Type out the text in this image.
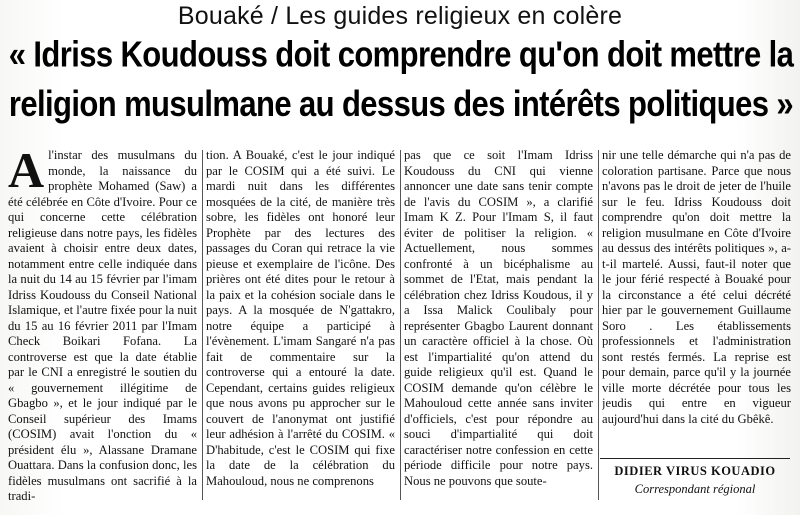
Bouaké / Les guides religieux en colère
« Idriss Koudouss doit comprendre qu'on doit mettre la
religion musulmane au dessus des intérêts politiques »

Al'instar des musulmans du monde, la naissance du prophète Mohamed (Saw) a été célébrée en Côte d'Ivoire. Pour ce qui concerne cette célébration religieuse dans notre pays, les fidèles avaient à choisir entre deux dates, notamment entre celle indiquée dans la nuit du 14 au 15 février par l'imam Idriss Koudouss du Conseil National Islamique, et l'autre fixée pour la nuit du 15 au 16 février 2011 par l'Imam Check Boikari Fofana. La controverse est que la date établie par le CNI a enregistré le soutien du « gouvernement illégitime de Gbagbo », et le jour indiqué par le Conseil supérieur des Imams (COSIM) avait l'onction du « président élu », Alassane Dramane Ouattara. Dans la confusion donc, les fidèles musulmans ont sacrifié à la tradi-

tion. A Bouaké, c'est le jour indiqué par le COSIM qui a été suivi. Le mardi nuit dans les différentes mosquées de la cité, de manière très sobre, les fidèles ont honoré leur Prophète par des lectures des passages du Coran qui retrace la vie pieuse et exemplaire de l'icône. Des prières ont été dites pour le retour à la paix et la cohésion sociale dans le pays. A la mosquée de N'gattakro, notre équipe a participé à l'évènement. L'imam Sangaré n'a pas fait de commentaire sur la controverse qui a entouré la date. Cependant, certains guides religieux que nous avons pu approcher sur le couvert de l'anonymat ont justifié leur adhésion à l'arrêté du COSIM. « D'habitude, c'est le COSIM qui fixe la date de la célébration du Mahouloud, nous ne comprenons

pas que ce soit l'Imam Idriss Koudouss du CNI qui vienne annoncer une date sans tenir compte de l'avis du COSIM », a clarifié Imam K Z. Pour l'Imam S, il faut éviter de politiser la religion. « Actuellement, nous sommes confronté à un bicéphalisme au sommet de l'Etat, mais pendant la célébration chez Idriss Koudous, il y a Issa Malick Coulibaly pour représenter Gbagbo Laurent donnant un caractère officiel à la chose. Où est l'impartialité qu'on attend du guide religieux qu'il est. Quand le COSIM demande qu'on célèbre le Mahouloud cette année sans inviter d'officiels, c'est pour répondre au souci d'impartialité qui doit caractériser notre confession en cette période difficile pour notre pays. Nous ne pouvons que soute-

nir une telle démarche qui n'a pas de coloration partisane. Parce que nous n'avons pas le droit de jeter de l'huile sur le feu. Idriss Koudouss doit comprendre qu'on doit mettre la religion musulmane en Côte d'Ivoire au dessus des intérêts politiques », a-t-il martelé. Aussi, faut-il noter que le jour férié respecté à Bouaké pour la circonstance a été celui décrété hier par le gouvernement Guillaume Soro . Les établissements professionnels et l'administration sont restés fermés. La reprise est pour demain, parce qu'il y la journée ville morte décrétée pour tous les jeudis qui entre en vigueur aujourd'hui dans la cité du Gbêkê.

DIDIER VIRUS KOUADIO
Correspondant régional
